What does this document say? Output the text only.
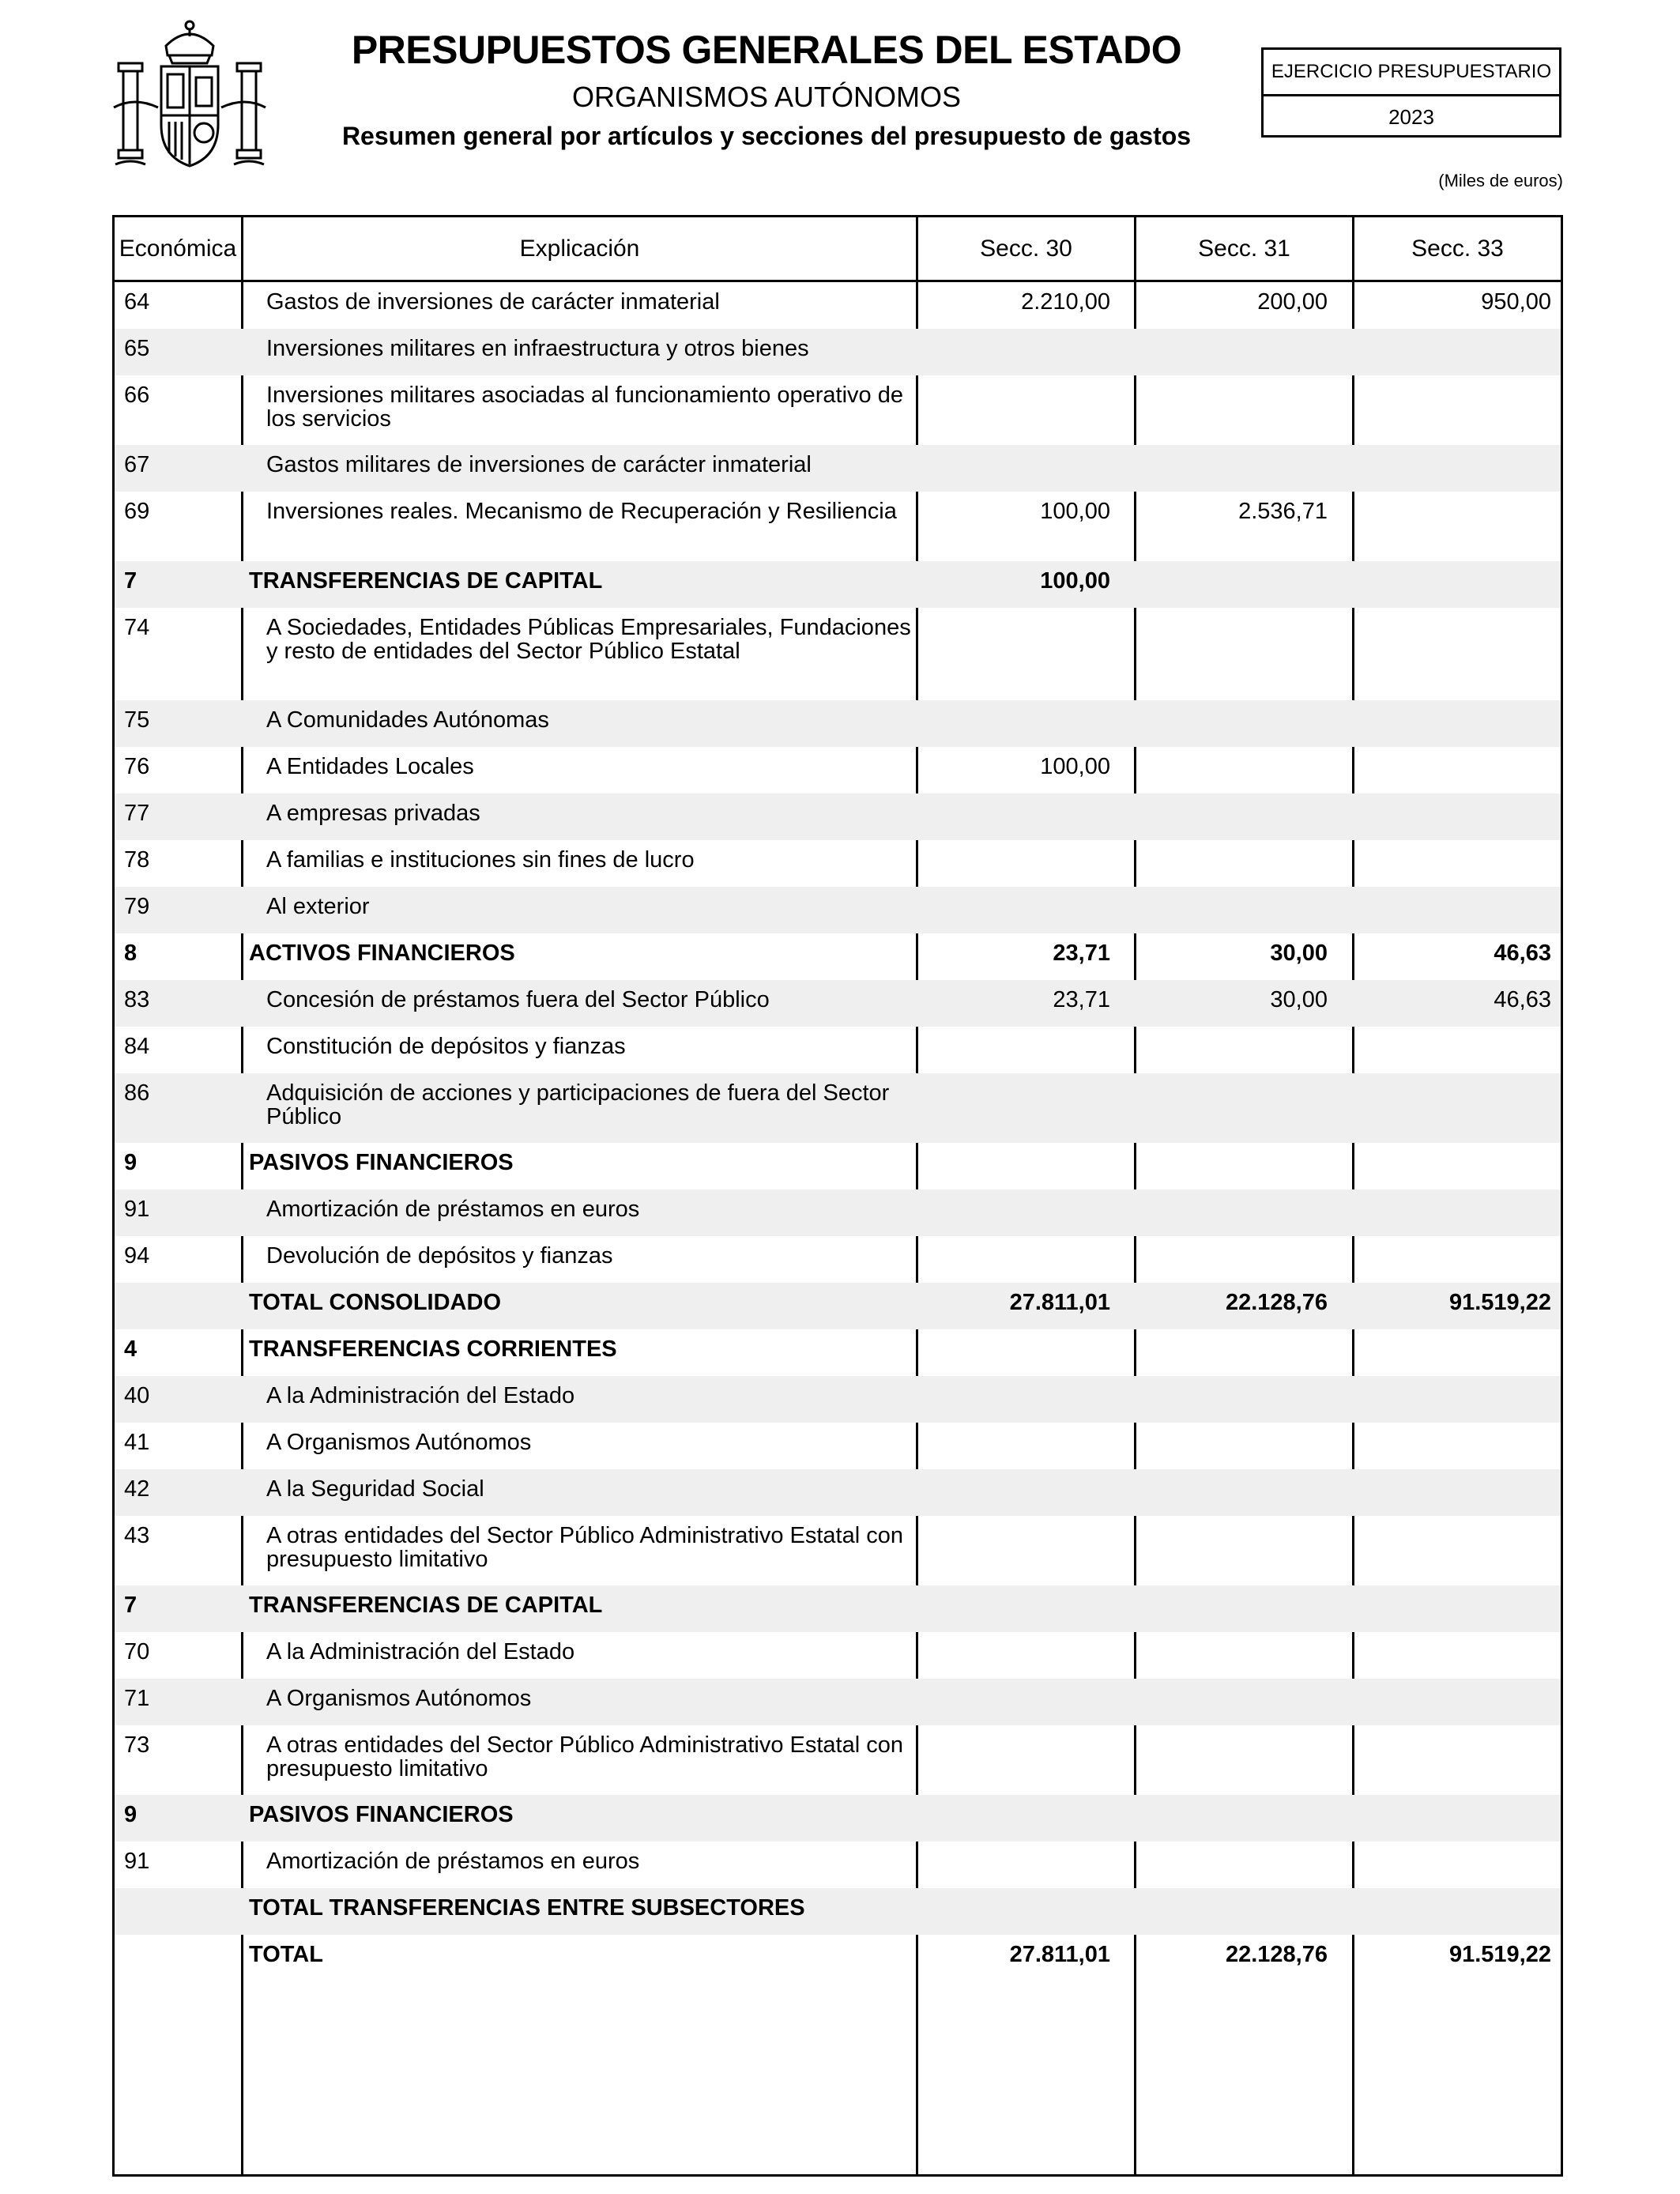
PRESUPUESTOS GENERALES DEL ESTADO
ORGANISMOS AUTÓNOMOS
Resumen general por artículos y secciones del presupuesto de gastos
EJERCICIO PRESUPUESTARIO
2023
(Miles de euros)
Económica	Explicación	Secc. 30	Secc. 31	Secc. 33
64	Gastos de inversiones de carácter inmaterial	2.210,00	200,00	950,00
65	Inversiones militares en infraestructura y otros bienes
66	Inversiones militares asociadas al funcionamiento operativo de los servicios
67	Gastos militares de inversiones de carácter inmaterial
69	Inversiones reales. Mecanismo de Recuperación y Resiliencia	100,00	2.536,71
7	TRANSFERENCIAS DE CAPITAL	100,00
74	A Sociedades, Entidades Públicas Empresariales, Fundaciones y resto de entidades del Sector Público Estatal
75	A Comunidades Autónomas
76	A Entidades Locales	100,00
77	A empresas privadas
78	A familias e instituciones sin fines de lucro
79	Al exterior
8	ACTIVOS FINANCIEROS	23,71	30,00	46,63
83	Concesión de préstamos fuera del Sector Público	23,71	30,00	46,63
84	Constitución de depósitos y fianzas
86	Adquisición de acciones y participaciones de fuera del Sector Público
9	PASIVOS FINANCIEROS
91	Amortización de préstamos en euros
94	Devolución de depósitos y fianzas
TOTAL CONSOLIDADO	27.811,01	22.128,76	91.519,22
4	TRANSFERENCIAS CORRIENTES
40	A la Administración del Estado
41	A Organismos Autónomos
42	A la Seguridad Social
43	A otras entidades del Sector Público Administrativo Estatal con presupuesto limitativo
7	TRANSFERENCIAS DE CAPITAL
70	A la Administración del Estado
71	A Organismos Autónomos
73	A otras entidades del Sector Público Administrativo Estatal con presupuesto limitativo
9	PASIVOS FINANCIEROS
91	Amortización de préstamos en euros
TOTAL TRANSFERENCIAS ENTRE SUBSECTORES
TOTAL	27.811,01	22.128,76	91.519,22
